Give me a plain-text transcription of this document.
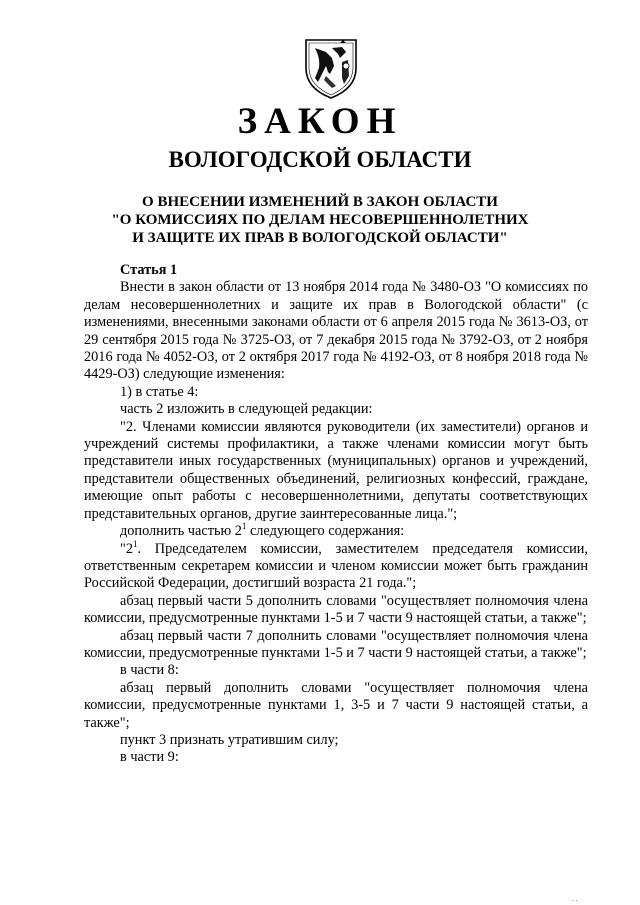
ЗАКОН
ВОЛОГОДСКОЙ ОБЛАСТИ
О ВНЕСЕНИИ ИЗМЕНЕНИЙ В ЗАКОН ОБЛАСТИ
"О КОМИССИЯХ ПО ДЕЛАМ НЕСОВЕРШЕННОЛЕТНИХ
И ЗАЩИТЕ ИХ ПРАВ В ВОЛОГОДСКОЙ ОБЛАСТИ"
Статья 1
Внести в закон области от 13 ноября 2014 года № 3480-ОЗ "О комиссиях по делам несовершеннолетних и защите их прав в Вологодской области" (с изменениями, внесенными законами области от 6 апреля 2015 года № 3613-ОЗ, от 29 сентября 2015 года № 3725-ОЗ, от 7 декабря 2015 года № 3792-ОЗ, от 2 ноября 2016 года № 4052-ОЗ, от 2 октября 2017 года № 4192-ОЗ, от 8 ноября 2018 года № 4429-ОЗ) следующие изменения:
1) в статье 4:
часть 2 изложить в следующей редакции:
"2. Членами комиссии являются руководители (их заместители) органов и учреждений системы профилактики, а также членами комиссии могут быть представители иных государственных (муниципальных) органов и учреждений, представители общественных объединений, религиозных конфессий, граждане, имеющие опыт работы с несовершеннолетними, депутаты соответствующих представительных органов, другие заинтересованные лица.";
дополнить частью $2^1$ следующего содержания:
"$2^1$. Председателем комиссии, заместителем председателя комиссии, ответственным секретарем комиссии и членом комиссии может быть гражданин Российской Федерации, достигший возраста 21 года.";
абзац первый части 5 дополнить словами "осуществляет полномочия члена комиссии, предусмотренные пунктами 1-5 и 7 части 9 настоящей статьи, а также";
абзац первый части 7 дополнить словами "осуществляет полномочия члена комиссии, предусмотренные пунктами 1-5 и 7 части 9 настоящей статьи, а также";
в части 8:
абзац первый дополнить словами "осуществляет полномочия члена комиссии, предусмотренные пунктами 1, 3-5 и 7 части 9 настоящей статьи, а также";
пункт 3 признать утратившим силу;
в части 9:
. .
